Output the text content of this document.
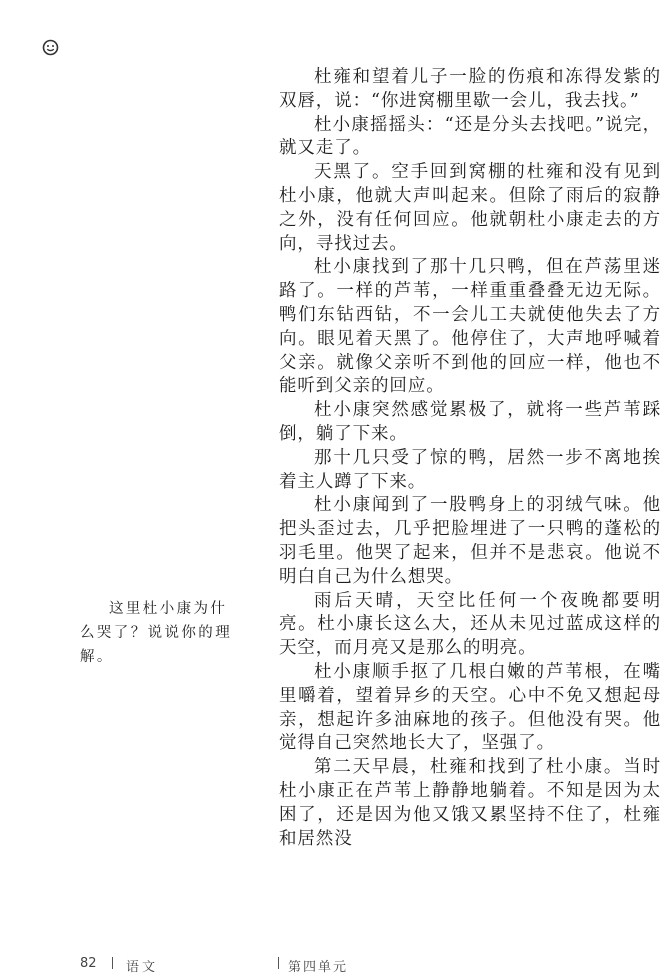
杜雍和望着儿子一脸的伤痕和冻得发紫的双唇，说：“你进窝棚里歇一会儿，我去找。”

杜小康摇摇头：“还是分头去找吧。”说完，就又走了。

天黑了。空手回到窝棚的杜雍和没有见到杜小康，他就大声叫起来。但除了雨后的寂静之外，没有任何回应。他就朝杜小康走去的方向，寻找过去。

杜小康找到了那十几只鸭，但在芦荡里迷路了。一样的芦苇，一样重重叠叠无边无际。鸭们东钻西钻，不一会儿工夫就使他失去了方向。眼见着天黑了。他停住了，大声地呼喊着父亲。就像父亲听不到他的回应一样，他也不能听到父亲的回应。

杜小康突然感觉累极了，就将一些芦苇踩倒，躺了下来。

那十几只受了惊的鸭，居然一步不离地挨着主人蹲了下来。

杜小康闻到了一股鸭身上的羽绒气味。他把头歪过去，几乎把脸埋进了一只鸭的蓬松的羽毛里。他哭了起来，但并不是悲哀。他说不明白自己为什么想哭。

雨后天晴，天空比任何一个夜晚都要明亮。杜小康长这么大，还从未见过蓝成这样的天空，而月亮又是那么的明亮。

杜小康顺手抠了几根白嫩的芦苇根，在嘴里嚼着，望着异乡的天空。心中不免又想起母亲，想起许多油麻地的孩子。但他没有哭。他觉得自己突然地长大了，坚强了。

第二天早晨，杜雍和找到了杜小康。当时杜小康正在芦苇上静静地躺着。不知是因为太困了，还是因为他又饿又累坚持不住了，杜雍和居然没

这里杜小康为什么哭了？说说你的理解。
82 语文	第四单元
